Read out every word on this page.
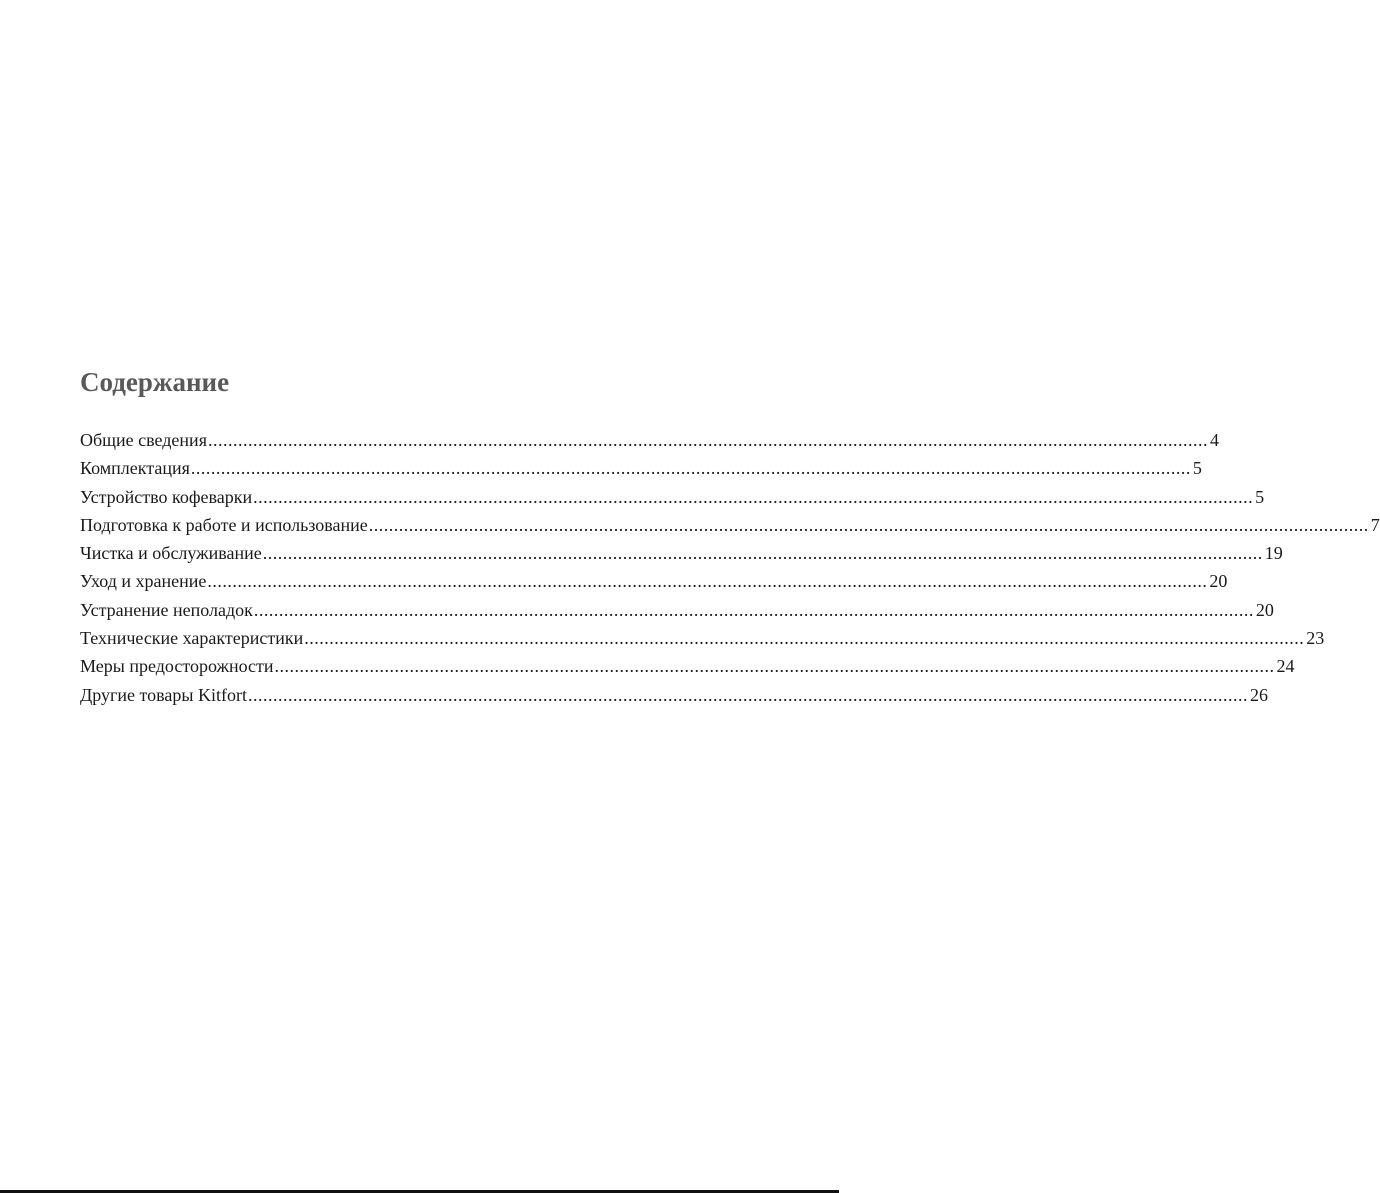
Содержание
Общие сведения ........................................................................................................................................................................................................ 4
Комплектация ........................................................................................................................................................................................................ 5
Устройство кофеварки ........................................................................................................................................................................................................ 5
Подготовка к работе и использование ........................................................................................................................................................................................................ 7
Чистка и обслуживание ........................................................................................................................................................................................................ 19
Уход и хранение ........................................................................................................................................................................................................ 20
Устранение неполадок ........................................................................................................................................................................................................ 20
Технические характеристики ........................................................................................................................................................................................................ 23
Меры предосторожности ........................................................................................................................................................................................................ 24
Другие товары Kitfort ........................................................................................................................................................................................................ 26
